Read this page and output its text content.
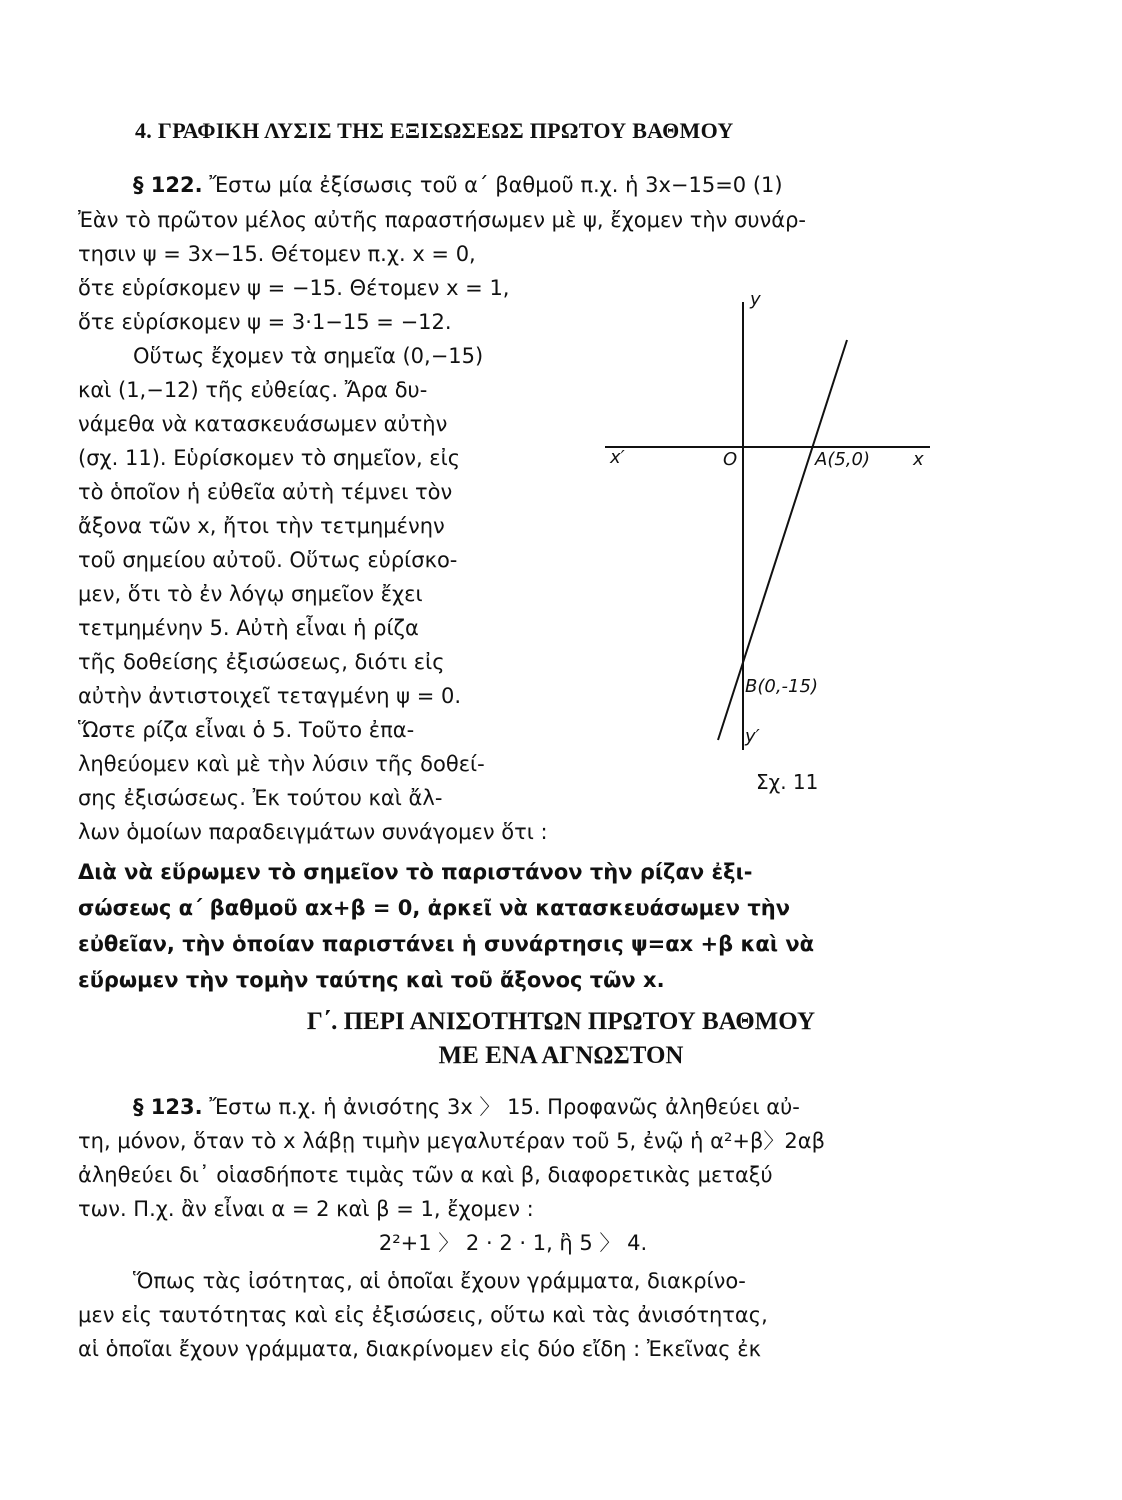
4. ΓΡΑΦΙΚΗ ΛΥΣΙΣ ΤΗΣ ΕΞΙΣΩΣΕΩΣ ΠΡΩΤΟΥ ΒΑΘΜΟΥ
§ 122. Ἔστω μία ἐξίσωσις τοῦ α΄ βαθμοῦ π.χ. ἡ 3x−15=0 (1)
Ἐὰν τὸ πρῶτον μέλος αὐτῆς παραστήσωμεν μὲ ψ, ἔχομεν τὴν συνάρ-
τησιν ψ = 3x−15. Θέτομεν π.χ. x = 0,
ὅτε εὑρίσκομεν ψ = −15. Θέτομεν x = 1,
ὅτε εὑρίσκομεν ψ = 3·1−15 = −12.
Οὕτως ἔχομεν τὰ σημεῖα (0,−15)
καὶ (1,−12) τῆς εὐθείας. Ἄρα δυ-
νάμεθα νὰ κατασκευάσωμεν αὐτὴν
(σχ. 11). Εὑρίσκομεν τὸ σημεῖον, εἰς
τὸ ὁποῖον ἡ εὐθεῖα αὐτὴ τέμνει τὸν
ἄξονα τῶν x, ἤτοι τὴν τετμημένην
τοῦ σημείου αὐτοῦ. Οὕτως εὑρίσκο-
μεν, ὅτι τὸ ἐν λόγῳ σημεῖον ἔχει
τετμημένην 5. Αὐτὴ εἶναι ἡ ρίζα
τῆς δοθείσης ἐξισώσεως, διότι εἰς
αὐτὴν ἀντιστοιχεῖ τεταγμένη ψ = 0.
Ὥστε ρίζα εἶναι ὁ 5. Τοῦτο ἐπα-
ληθεύομεν καὶ μὲ τὴν λύσιν τῆς δοθεί-
σης ἐξισώσεως. Ἐκ τούτου καὶ ἄλ-
λων ὁμοίων παραδειγμάτων συνάγομεν ὅτι :
Διὰ νὰ εὕρωμεν τὸ σημεῖον τὸ παριστάνον τὴν ρίζαν ἐξι-
σώσεως α΄ βαθμοῦ αx+β = 0, ἀρκεῖ νὰ κατασκευάσωμεν τὴν
εὐθεῖαν, τὴν ὁποίαν παριστάνει ἡ συνάρτησις ψ=αx +β καὶ νὰ
εὕρωμεν τὴν τομὴν ταύτης καὶ τοῦ ἄξονος τῶν x.
y
x′	O	A(5,0) x
B(0,-15)
y′
Σχ. 11
Γ΄. ΠΕΡΙ ΑΝΙΣΟΤΗΤΩΝ ΠΡΩΤΟΥ ΒΑΘΜΟΥ
ΜΕ ΕΝΑ ΑΓΝΩΣΤΟΝ
§ 123. Ἔστω π.χ. ἡ ἀνισότης 3x 〉 15. Προφανῶς ἀληθεύει αὐ-
τη, μόνον, ὅταν τὸ x λάβῃ τιμὴν μεγαλυτέραν τοῦ 5, ἐνῷ ἡ α²+β〉2αβ
ἀληθεύει δι᾿ οἱασδήποτε τιμὰς τῶν α καὶ β, διαφορετικὰς μεταξύ
των. Π.χ. ἂν εἶναι α = 2 καὶ β = 1, ἔχομεν :
2²+1 〉 2 · 2 · 1, ἢ 5 〉 4.
Ὅπως τὰς ἰσότητας, αἱ ὁποῖαι ἔχουν γράμματα, διακρίνο-
μεν εἰς ταυτότητας καὶ εἰς ἐξισώσεις, οὕτω καὶ τὰς ἀνισότητας,
αἱ ὁποῖαι ἔχουν γράμματα, διακρίνομεν εἰς δύο εἴδη : Ἐκεῖνας ἐκ
